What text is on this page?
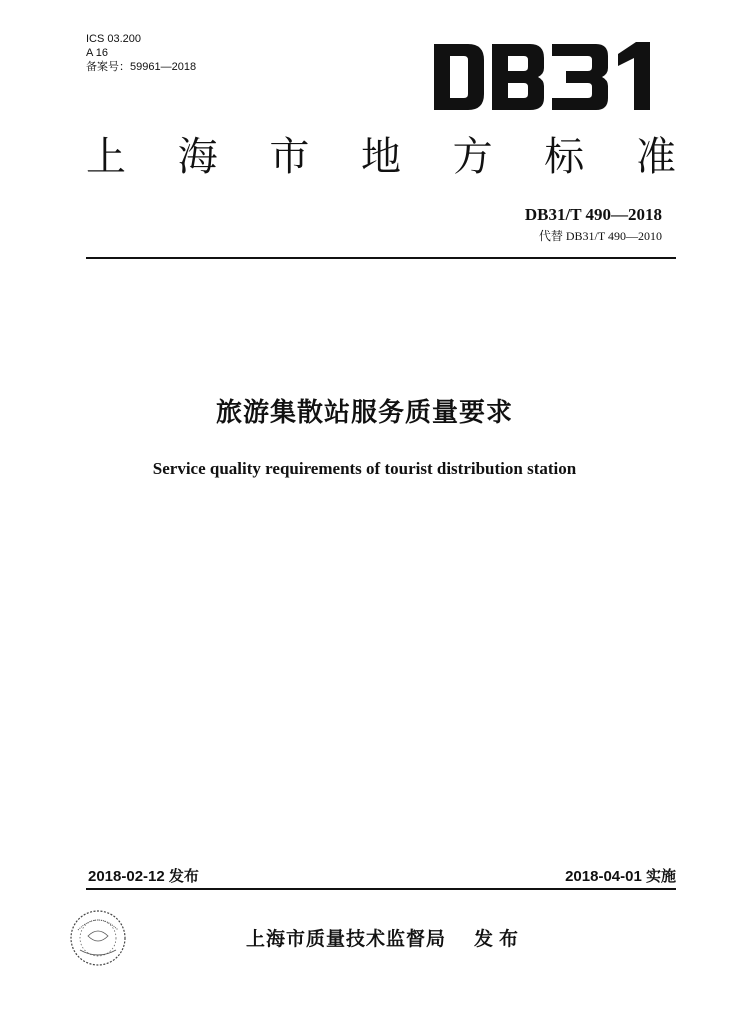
ICS 03.200
A 16
备案号：59961—2018
上 海 市 地 方 标 准
DB31/T 490—2018
代替 DB31/T 490—2010
旅游集散站服务质量要求
Service quality requirements of tourist distribution station
2018-02-12 发布	2018-04-01 实施
上海市质量技术监督局 发布
